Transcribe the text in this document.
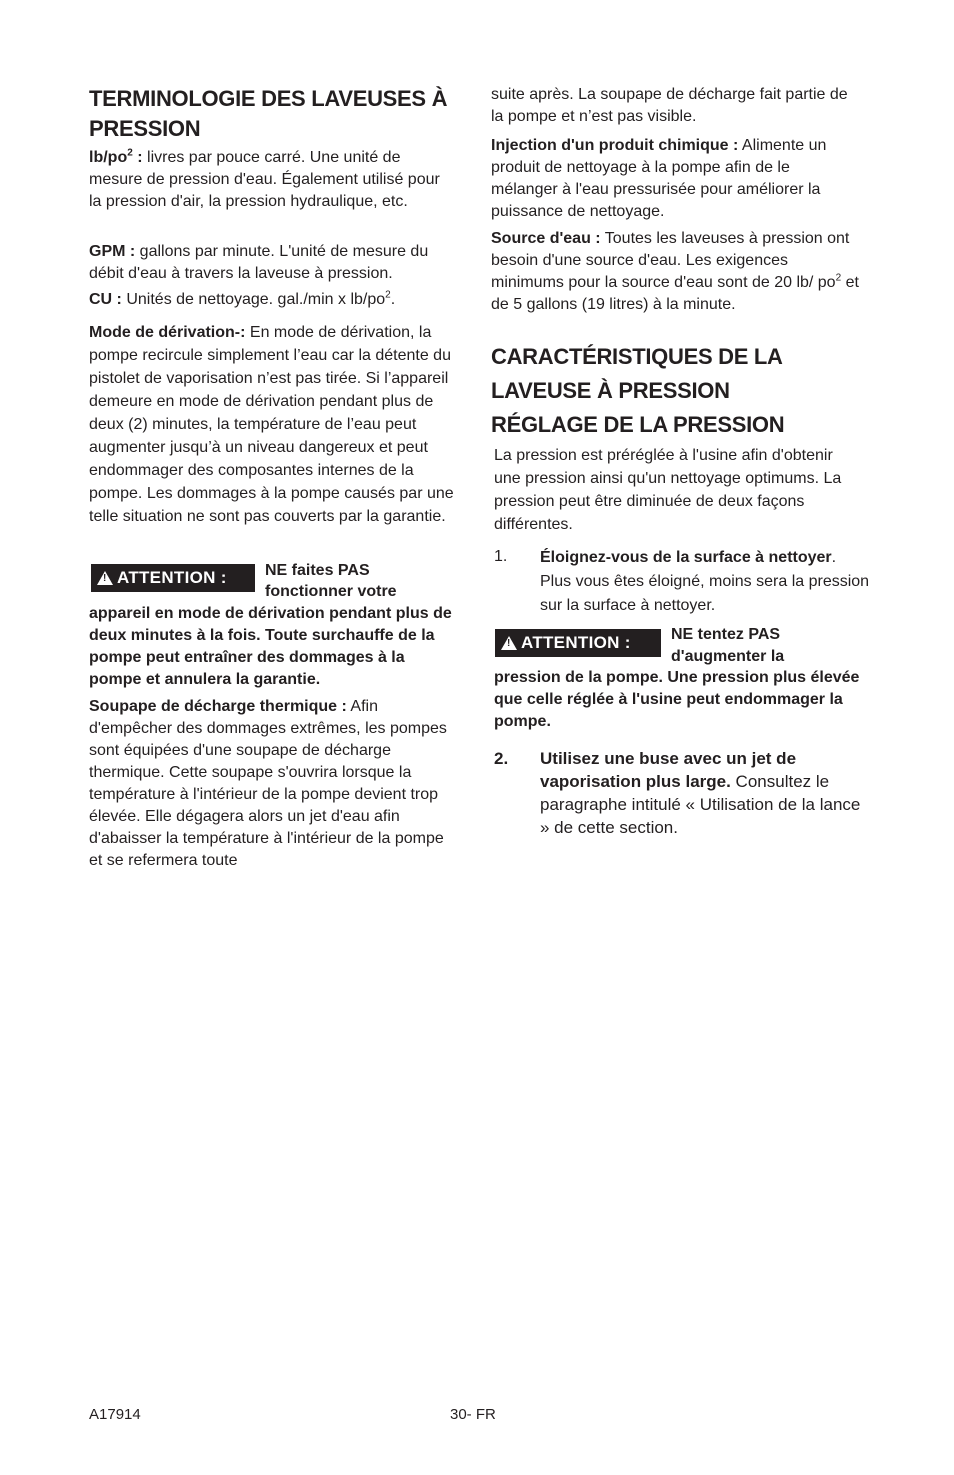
TERMINOLOGIE DES LAVEUSES À PRESSION

$lb/po^2$ : livres par pouce carré. Une unité de mesure de pression d'eau. Également utilisé pour la pression d'air, la pression hydraulique, etc.

GPM : gallons par minute. L'unité de mesure du débit d'eau à travers la laveuse à pression.

CU : Unités de nettoyage. gal./min x $lb/po^2$.

Mode de dérivation-: En mode de dérivation, la pompe recircule simplement l’eau car la détente du pistolet de vaporisation n’est pas tirée. Si l’appareil demeure en mode de dérivation pendant plus de deux (2) minutes, la température de l’eau peut augmenter jusqu’à un niveau dangereux et peut endommager des composantes internes de la pompe. Les dommages à la pompe causés par une telle situation ne sont pas couverts par la garantie.

! ATTENTION : NE faites PAS

fonctionner votre

appareil en mode de dérivation pendant plus de deux minutes à la fois. Toute surchauffe de la pompe peut entraîner des dommages à la pompe et annulera la garantie.

Soupape de décharge thermique : Afin d'empêcher des dommages extrêmes, les pompes sont équipées d'une soupape de décharge thermique. Cette soupape s'ouvrira lorsque la température à l'intérieur de la pompe devient trop élevée. Elle dégagera alors un jet d'eau afin d'abaisser la température à l'intérieur de la pompe et se refermera toute

suite après. La soupape de décharge fait partie de la pompe et n’est pas visible.

Injection d'un produit chimique : Alimente un produit de nettoyage à la pompe afin de le mélanger à l'eau pressurisée pour améliorer la puissance de nettoyage.

Source d'eau : Toutes les laveuses à pression ont besoin d'une source d'eau. Les exigences minimums pour la source d'eau sont de 20 lb/ $po^2$ et de 5 gallons (19 litres) à la minute.

CARACTÉRISTIQUES DE LA
LAVEUSE À PRESSION
RÉGLAGE DE LA PRESSION

La pression est préréglée à l'usine afin d'obtenir une pression ainsi qu'un nettoyage optimums. La pression peut être diminuée de deux façons différentes.

1. Éloignez-vous de la surface à nettoyer. Plus vous êtes éloigné, moins sera la pression sur la surface à nettoyer.
! ATTENTION :	NE tentez PAS

d'augmenter la

pression de la pompe. Une pression plus élevée que celle réglée à l'usine peut endommager la pompe.

2. Utilisez une buse avec un jet de vaporisation plus large. Consultez le paragraphe intitulé « Utilisation de la lance » de cette section.
A17914	30- FR
